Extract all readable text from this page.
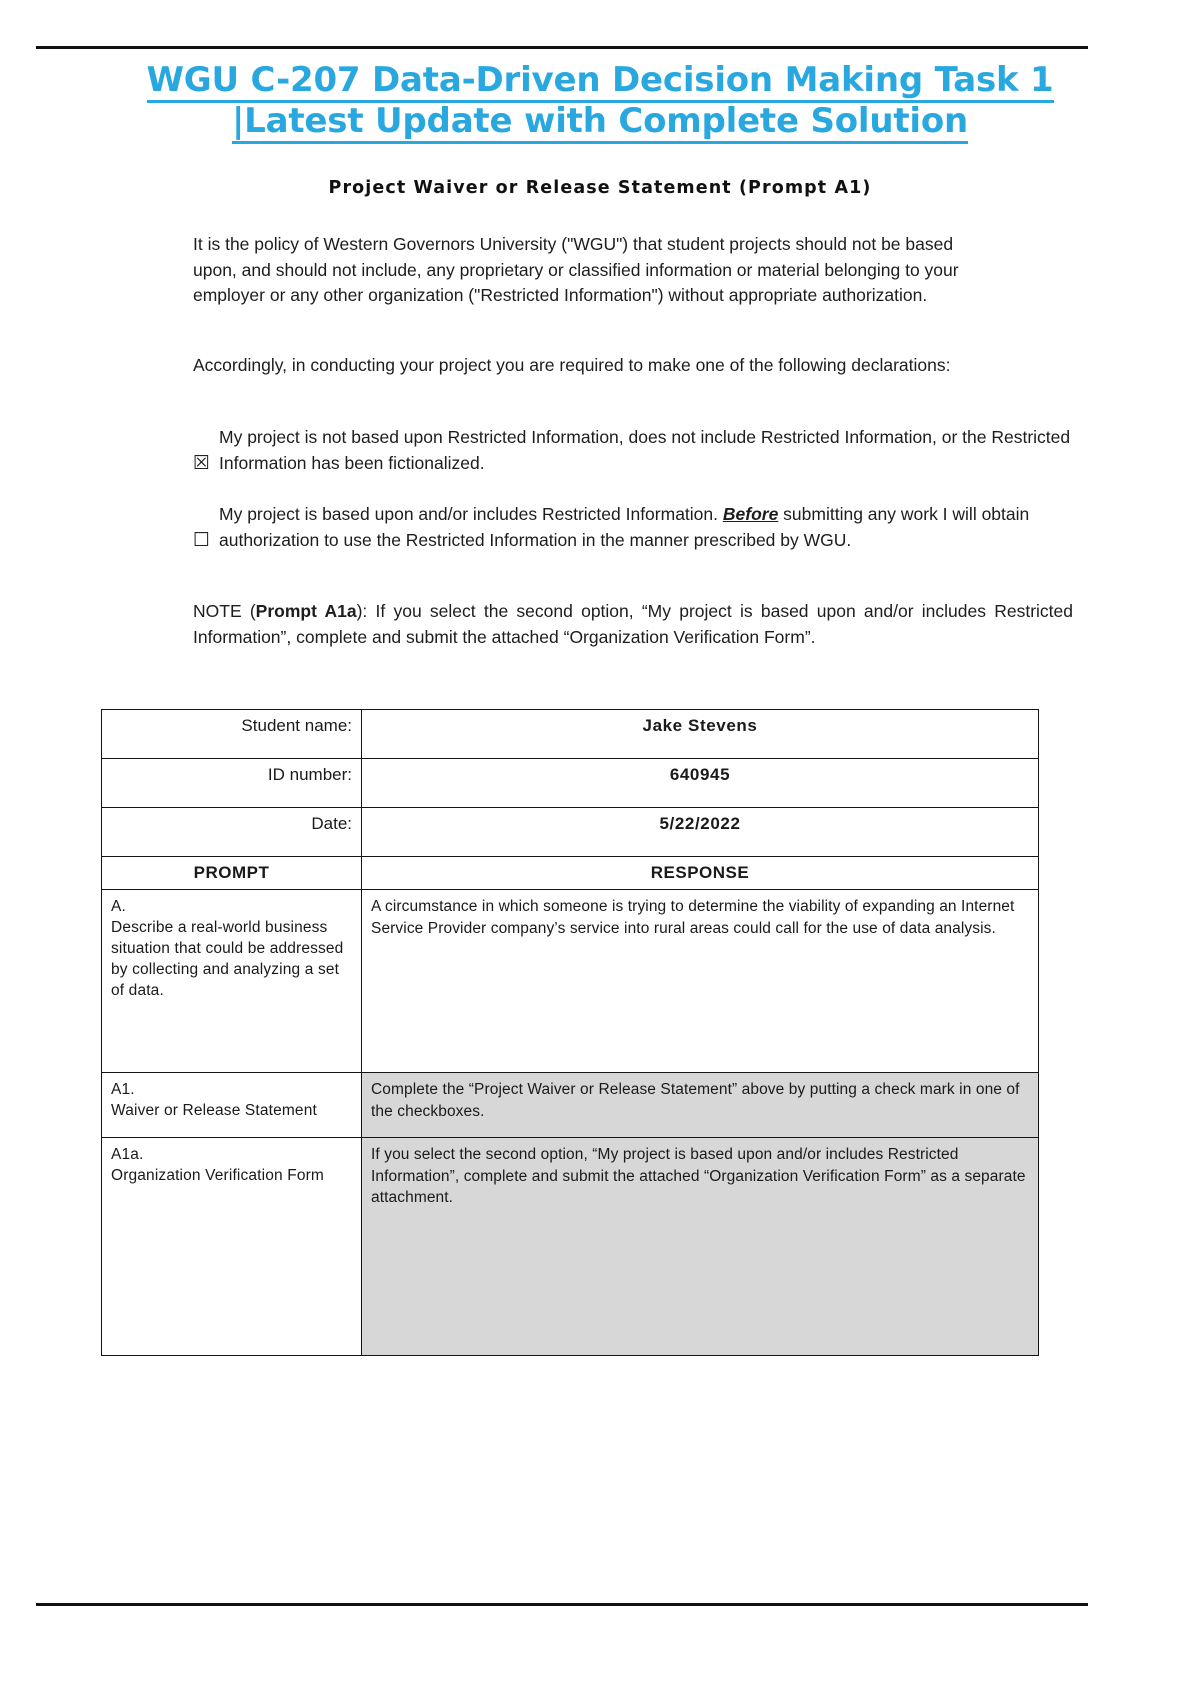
WGU C-207 Data-Driven Decision Making Task 1 |Latest Update with Complete Solution
Project Waiver or Release Statement (Prompt A1)
It is the policy of Western Governors University ("WGU") that student projects should not be based upon, and should not include, any proprietary or classified information or material belonging to your employer or any other organization ("Restricted Information") without appropriate authorization.
Accordingly, in conducting your project you are required to make one of the following declarations:
☒
My project is not based upon Restricted Information, does not include Restricted Information, or the Restricted Information has been fictionalized.
☐
My project is based upon and/or includes Restricted Information. Before submitting any work I will obtain authorization to use the Restricted Information in the manner prescribed by WGU.
NOTE (Prompt A1a): If you select the second option, “My project is based upon and/or includes Restricted Information”, complete and submit the attached “Organization Verification Form”.
Student name:	Jake Stevens
ID number:	640945
Date:	5/22/2022
PROMPT	RESPONSE

A.
Describe a real-world business situation that could be addressed by collecting and analyzing a set of data.	A circumstance in which someone is trying to determine the viability of expanding an Internet Service Provider company’s service into rural areas could call for the use of data analysis.

A1.
Waiver or Release Statement	Complete the “Project Waiver or Release Statement” above by putting a check mark in one of the checkboxes.

A1a.
Organization Verification Form	If you select the second option, “My project is based upon and/or includes Restricted Information”, complete and submit the attached “Organization Verification Form” as a separate attachment.
